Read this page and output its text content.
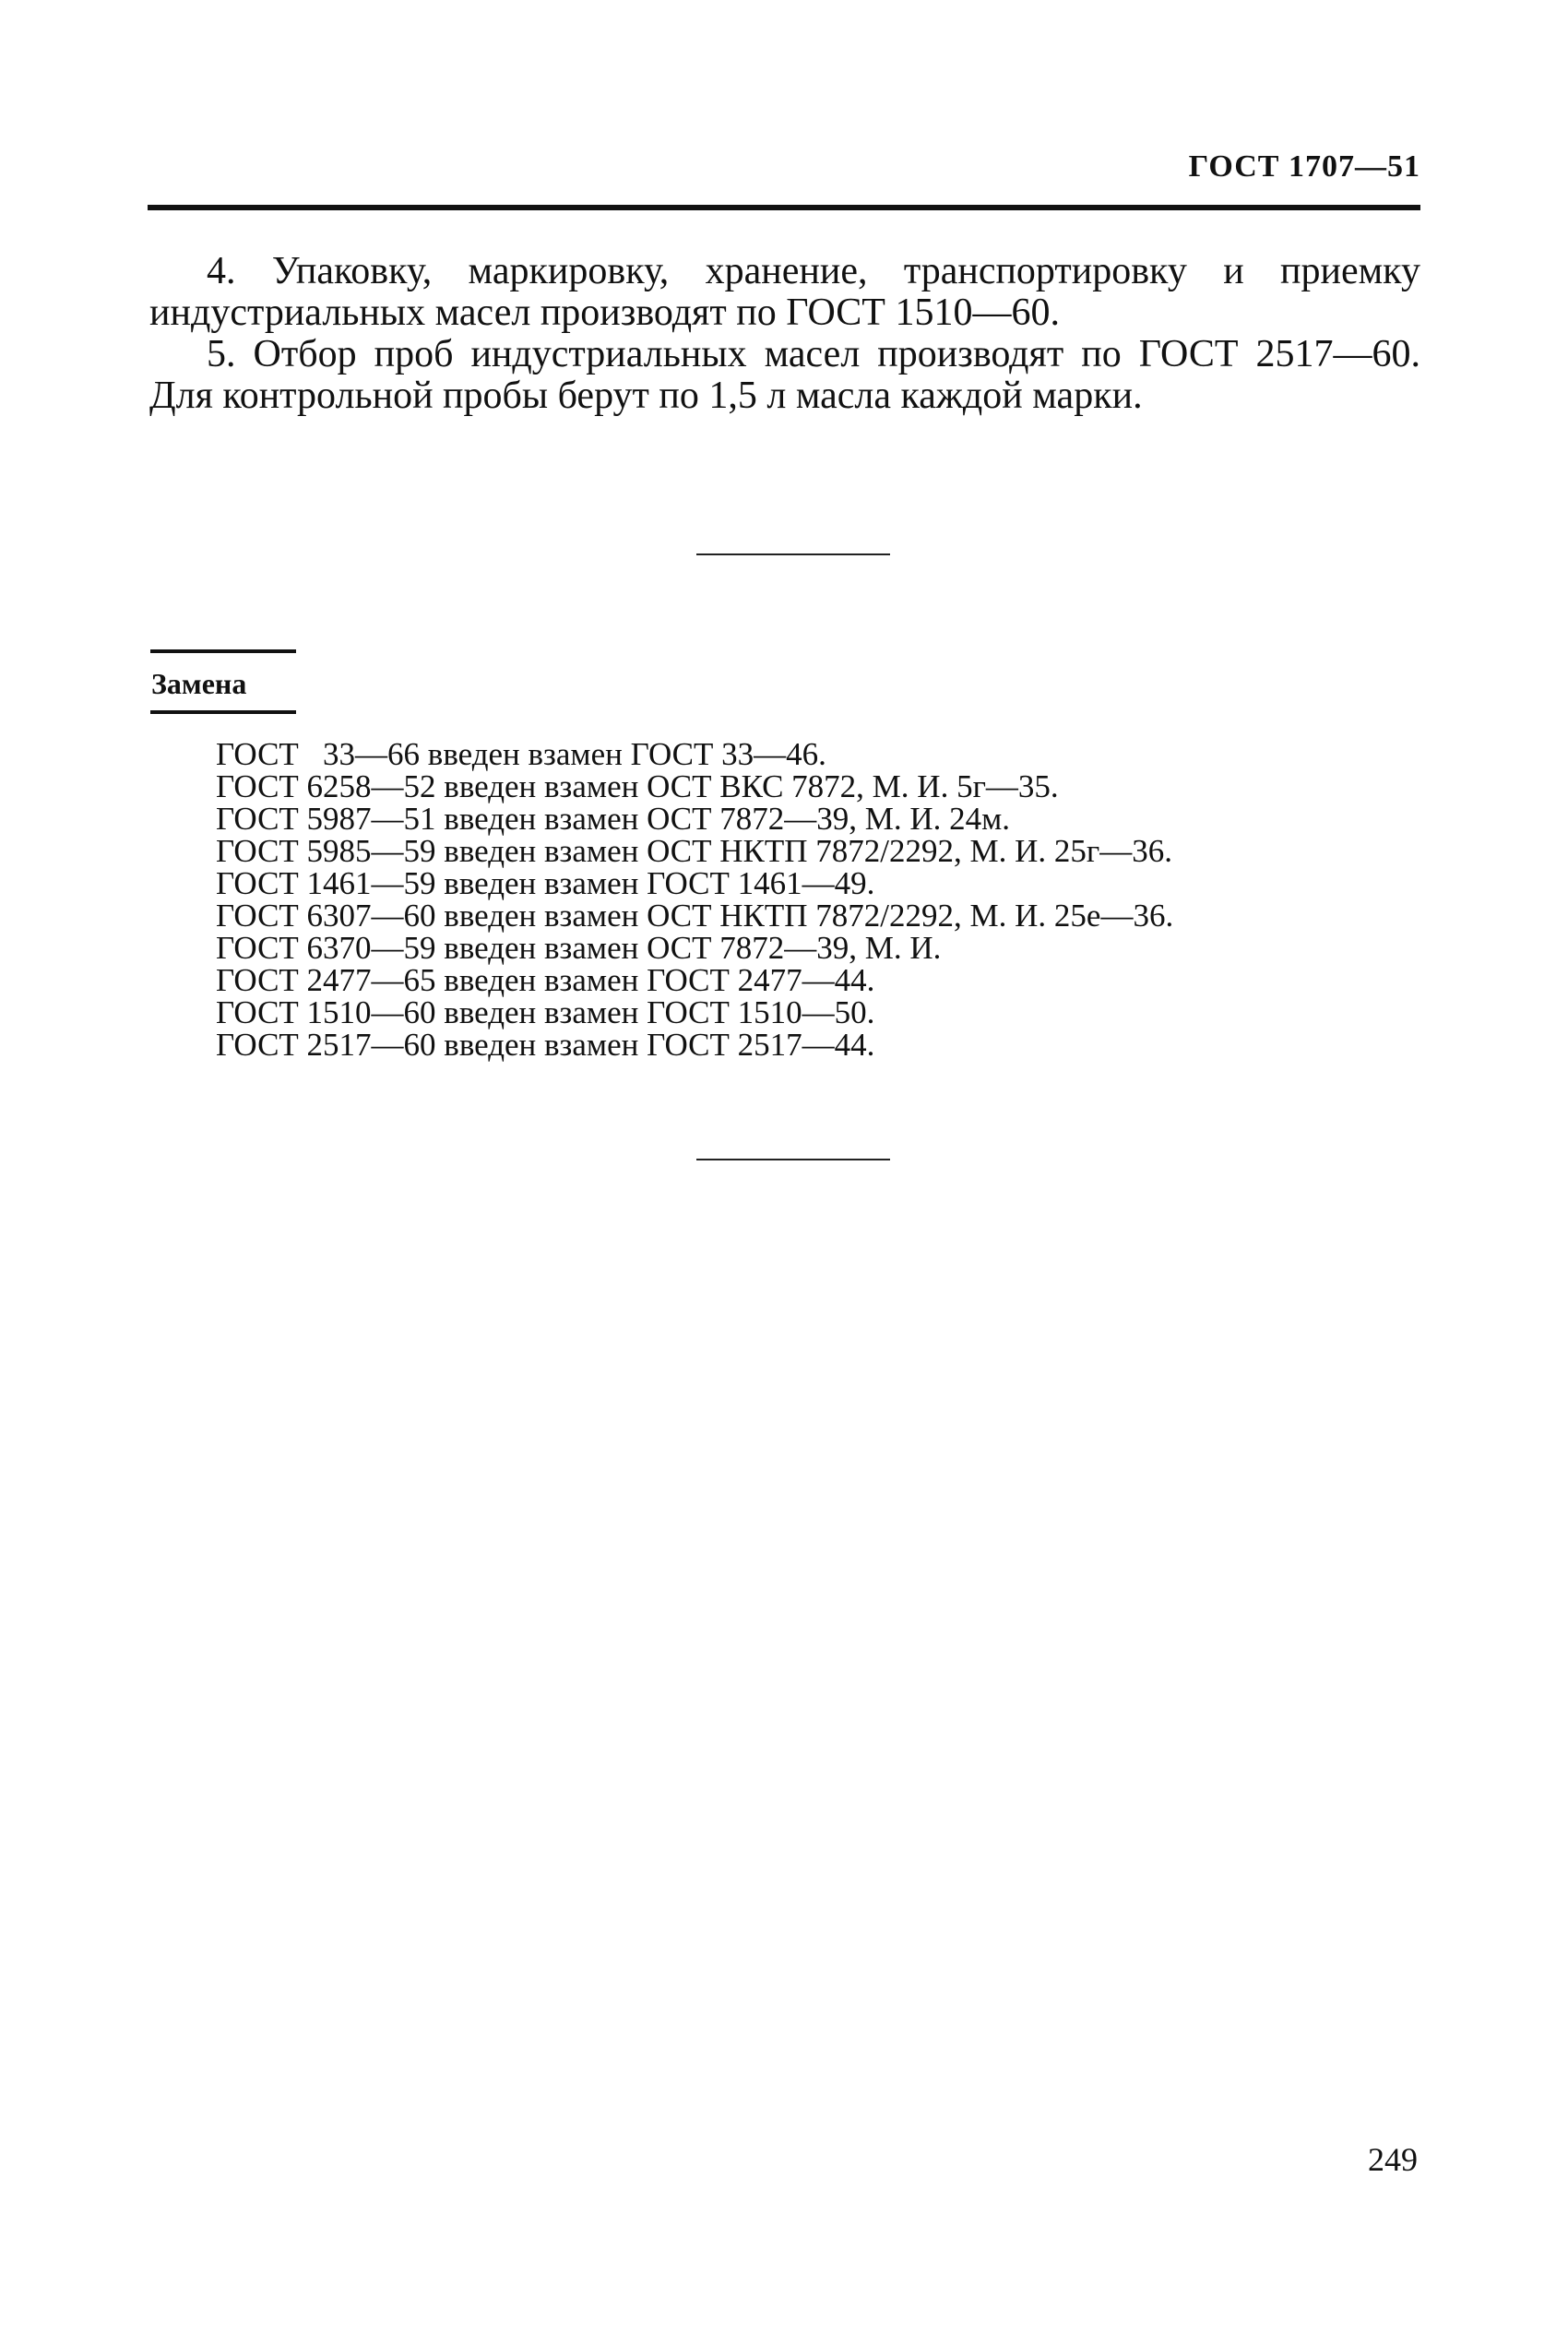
ГОСТ 1707—51

4. Упаковку, маркировку, хранение, транспортировку и приемку индустриальных масел производят по ГОСТ 1510—60.

5. Отбор проб индустриальных масел производят по ГОСТ 2517—60. Для контрольной пробы берут по 1,5 л масла каждой марки.

Замена
ГОСТ   33—66 введен взамен ГОСТ 33—46.
ГОСТ 6258—52 введен взамен ОСТ ВКС 7872, М. И. 5г—35.
ГОСТ 5987—51 введен взамен ОСТ 7872—39, М. И. 24м.
ГОСТ 5985—59 введен взамен ОСТ НКТП 7872/2292, М. И. 25г—36.
ГОСТ 1461—59 введен взамен ГОСТ 1461—49.
ГОСТ 6307—60 введен взамен ОСТ НКТП 7872/2292, М. И. 25е—36.
ГОСТ 6370—59 введен взамен ОСТ 7872—39, М. И.
ГОСТ 2477—65 введен взамен ГОСТ 2477—44.
ГОСТ 1510—60 введен взамен ГОСТ 1510—50.
ГОСТ 2517—60 введен взамен ГОСТ 2517—44.
249
